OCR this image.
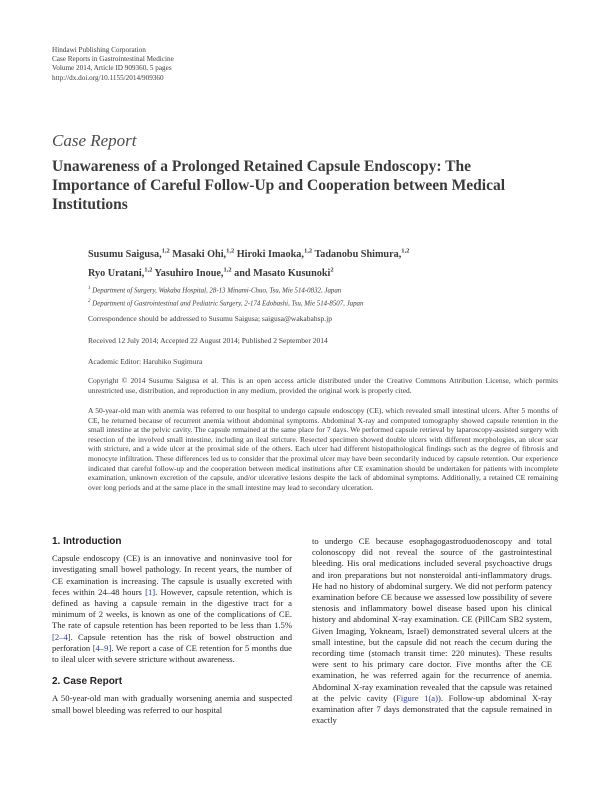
Hindawi Publishing Corporation
Case Reports in Gastrointestinal Medicine
Volume 2014, Article ID 909360, 5 pages
http://dx.doi.org/10.1155/2014/909360
Case Report
Unawareness of a Prolonged Retained Capsule Endoscopy: The Importance of Careful Follow-Up and Cooperation between Medical Institutions
Susumu Saigusa,$^{1,2}$ Masaki Ohi,$^{1,2}$ Hiroki Imaoka,$^{1,2}$ Tadanobu Shimura,$^{1,2}$
Ryo Uratani,$^{1,2}$ Yasuhiro Inoue,$^{1,2}$ and Masato Kusunoki$^2$
$^1$ Department of Surgery, Wakaba Hospital, 28-13 Minami-Chuo, Tsu, Mie 514-0832, Japan
$^2$ Department of Gastrointestinal and Pediatric Surgery, 2-174 Edobashi, Tsu, Mie 514-8507, Japan
Correspondence should be addressed to Susumu Saigusa; saigusa@wakabahsp.jp
Received 12 July 2014; Accepted 22 August 2014; Published 2 September 2014
Academic Editor: Haruhiko Sugimura
Copyright © 2014 Susumu Saigusa et al. This is an open access article distributed under the Creative Commons Attribution License, which permits unrestricted use, distribution, and reproduction in any medium, provided the original work is properly cited.
A 50-year-old man with anemia was referred to our hospital to undergo capsule endoscopy (CE), which revealed small intestinal ulcers. After 5 months of CE, he returned because of recurrent anemia without abdominal symptoms. Abdominal X-ray and computed tomography showed capsule retention in the small intestine at the pelvic cavity. The capsule remained at the same place for 7 days. We performed capsule retrieval by laparoscopy-assisted surgery with resection of the involved small intestine, including an ileal stricture. Resected specimen showed double ulcers with different morphologies, an ulcer scar with stricture, and a wide ulcer at the proximal side of the others. Each ulcer had different histopathological findings such as the degree of fibrosis and monocyte infiltration. These differences led us to consider that the proximal ulcer may have been secondarily induced by capsule retention. Our experience indicated that careful follow-up and the cooperation between medical institutions after CE examination should be undertaken for patients with incomplete examination, unknown excretion of the capsule, and/or ulcerative lesions despite the lack of abdominal symptoms. Additionally, a retained CE remaining over long periods and at the same place in the small intestine may lead to secondary ulceration.
1. Introduction

Capsule endoscopy (CE) is an innovative and noninvasive tool for investigating small bowel pathology. In recent years, the number of CE examination is increasing. The capsule is usually excreted with feces within 24–48 hours [1]. However, capsule retention, which is defined as having a capsule remain in the digestive tract for a minimum of 2 weeks, is known as one of the complications of CE. The rate of capsule retention has been reported to be less than 1.5% [2–4]. Capsule retention has the risk of bowel obstruction and perforation [4–9]. We report a case of CE retention for 5 months due to ileal ulcer with severe stricture without awareness.

2. Case Report

A 50-year-old man with gradually worsening anemia and suspected small bowel bleeding was referred to our hospital

to undergo CE because esophagogastroduodenoscopy and total colonoscopy did not reveal the source of the gastrointestinal bleeding. His oral medications included several psychoactive drugs and iron preparations but not nonsteroidal anti-inflammatory drugs. He had no history of abdominal surgery. We did not perform patency examination before CE because we assessed low possibility of severe stenosis and inflammatory bowel disease based upon his clinical history and abdominal X-ray examination. CE (PillCam SB2 system, Given Imaging, Yokneam, Israel) demonstrated several ulcers at the small intestine, but the capsule did not reach the cecum during the recording time (stomach transit time: 220 minutes). These results were sent to his primary care doctor. Five months after the CE examination, he was referred again for the recurrence of anemia. Abdominal X-ray examination revealed that the capsule was retained at the pelvic cavity (Figure 1(a)). Follow-up abdominal X-ray examination after 7 days demonstrated that the capsule remained in exactly
